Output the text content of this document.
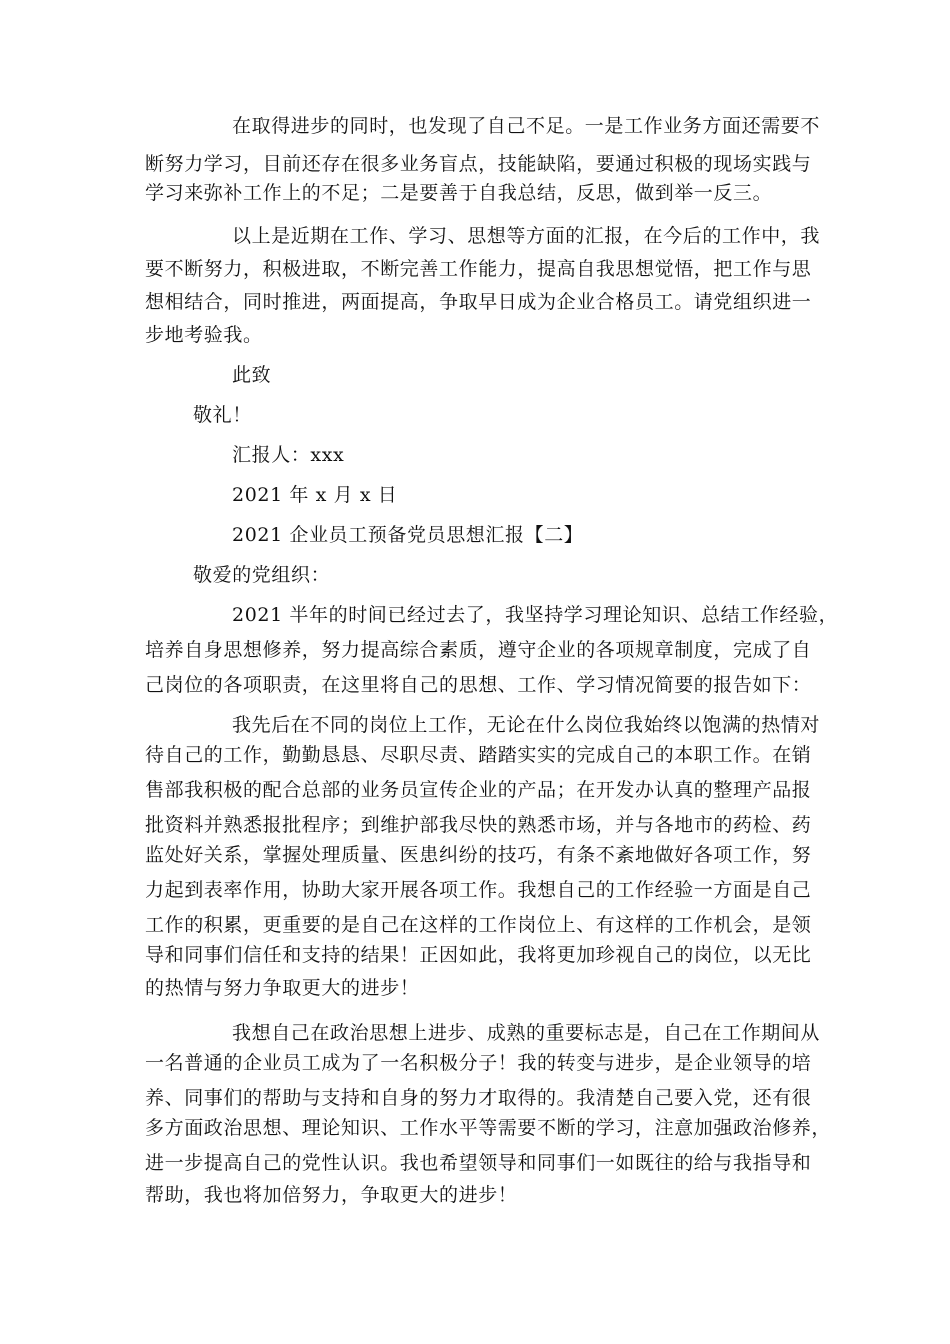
在取得进步的同时，也发现了自己不足。一是工作业务方面还需要不
断努力学习，目前还存在很多业务盲点，技能缺陷，要通过积极的现场实践与
学习来弥补工作上的不足；二是要善于自我总结，反思，做到举一反三。
以上是近期在工作、学习、思想等方面的汇报，在今后的工作中，我
要不断努力，积极进取，不断完善工作能力，提高自我思想觉悟，把工作与思
想相结合，同时推进，两面提高，争取早日成为企业合格员工。请党组织进一
步地考验我。
此致
敬礼！
汇报人：xxx
2021 年 x 月 x 日
2021 企业员工预备党员思想汇报【二】
敬爱的党组织：
2021 半年的时间已经过去了，我坚持学习理论知识、总结工作经验，
培养自身思想修养，努力提高综合素质，遵守企业的各项规章制度，完成了自
己岗位的各项职责，在这里将自己的思想、工作、学习情况简要的报告如下：
我先后在不同的岗位上工作，无论在什么岗位我始终以饱满的热情对
待自己的工作，勤勤恳恳、尽职尽责、踏踏实实的完成自己的本职工作。在销
售部我积极的配合总部的业务员宣传企业的产品；在开发办认真的整理产品报
批资料并熟悉报批程序；到维护部我尽快的熟悉市场，并与各地市的药检、药
监处好关系，掌握处理质量、医患纠纷的技巧，有条不紊地做好各项工作，努
力起到表率作用，协助大家开展各项工作。我想自己的工作经验一方面是自己
工作的积累，更重要的是自己在这样的工作岗位上、有这样的工作机会，是领
导和同事们信任和支持的结果！正因如此，我将更加珍视自己的岗位，以无比
的热情与努力争取更大的进步！
我想自己在政治思想上进步、成熟的重要标志是，自己在工作期间从
一名普通的企业员工成为了一名积极分子！我的转变与进步，是企业领导的培
养、同事们的帮助与支持和自身的努力才取得的。我清楚自己要入党，还有很
多方面政治思想、理论知识、工作水平等需要不断的学习，注意加强政治修养，
进一步提高自己的党性认识。我也希望领导和同事们一如既往的给与我指导和
帮助，我也将加倍努力，争取更大的进步！
